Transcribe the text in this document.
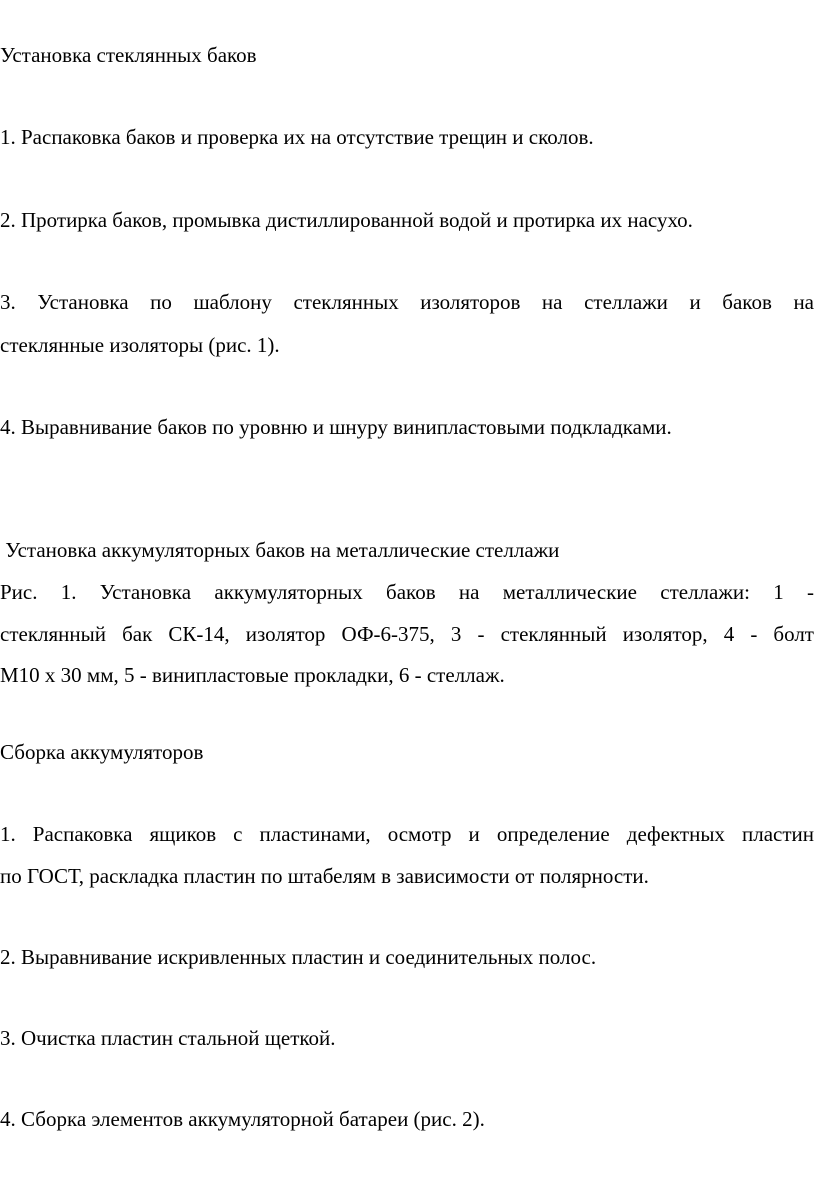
Установка стеклянных баков
1. Распаковка баков и проверка их на отсутствие трещин и сколов.
2. Протирка баков, промывка дистиллированной водой и протирка их насухо.
3. Установка по шаблону стеклянных изоляторов на стеллажи и баков на
стеклянные изоляторы (рис. 1).
4. Выравнивание баков по уровню и шнуру винипластовыми подкладками.
Установка аккумуляторных баков на металлические стеллажи
Рис. 1. Установка аккумуляторных баков на металлические стеллажи: 1 -
стеклянный бак СК-14, изолятор ОФ-6-375, 3 - стеклянный изолятор, 4 - болт
М10 х 30 мм, 5 - винипластовые прокладки, 6 - стеллаж.
Сборка аккумуляторов
1. Распаковка ящиков с пластинами, осмотр и определение дефектных пластин
по ГОСТ, раскладка пластин по штабелям в зависимости от полярности.
2. Выравнивание искривленных пластин и соединительных полос.
3. Очистка пластин стальной щеткой.
4. Сборка элементов аккумуляторной батареи (рис. 2).
